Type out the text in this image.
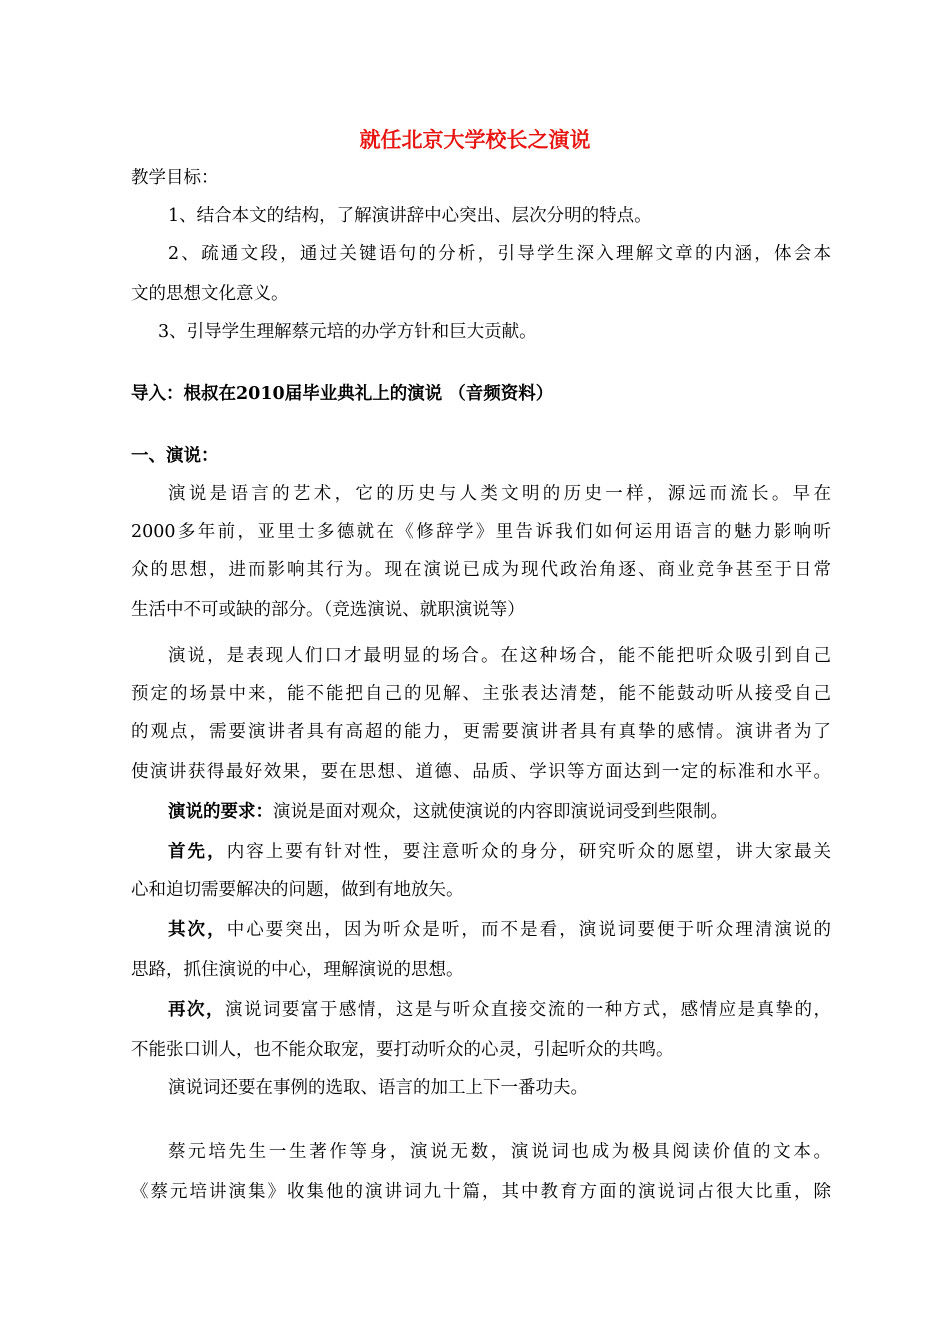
就任北京大学校长之演说

教学目标：

1、结合本文的结构，了解演讲辞中心突出、层次分明的特点。

2、疏通文段，通过关键语句的分析，引导学生深入理解文章的内涵，体会本

文的思想文化意义。

3、引导学生理解蔡元培的办学方针和巨大贡献。

导入：根叔在2010届毕业典礼上的演说 （音频资料）

一、演说：

演说是语言的艺术，它的历史与人类文明的历史一样，源远而流长。早在

2000多年前，亚里士多德就在《修辞学》里告诉我们如何运用语言的魅力影响听

众的思想，进而影响其行为。现在演说已成为现代政治角逐、商业竞争甚至于日常

生活中不可或缺的部分。（竞选演说、就职演说等）

演说，是表现人们口才最明显的场合。在这种场合，能不能把听众吸引到自己

预定的场景中来，能不能把自己的见解、主张表达清楚，能不能鼓动听从接受自己

的观点，需要演讲者具有高超的能力，更需要演讲者具有真挚的感情。演讲者为了

使演讲获得最好效果，要在思想、道德、品质、学识等方面达到一定的标准和水平。

演说的要求：演说是面对观众，这就使演说的内容即演说词受到些限制。

首先，内容上要有针对性，要注意听众的身分，研究听众的愿望，讲大家最关

心和迫切需要解决的问题，做到有地放矢。

其次，中心要突出，因为听众是听，而不是看，演说词要便于听众理清演说的

思路，抓住演说的中心，理解演说的思想。

再次，演说词要富于感情，这是与听众直接交流的一种方式，感情应是真挚的，

不能张口训人，也不能众取宠，要打动听众的心灵，引起听众的共鸣。

演说词还要在事例的选取、语言的加工上下一番功夫。

蔡元培先生一生著作等身，演说无数，演说词也成为极具阅读价值的文本。

《蔡元培讲演集》收集他的演讲词九十篇，其中教育方面的演说词占很大比重，除
